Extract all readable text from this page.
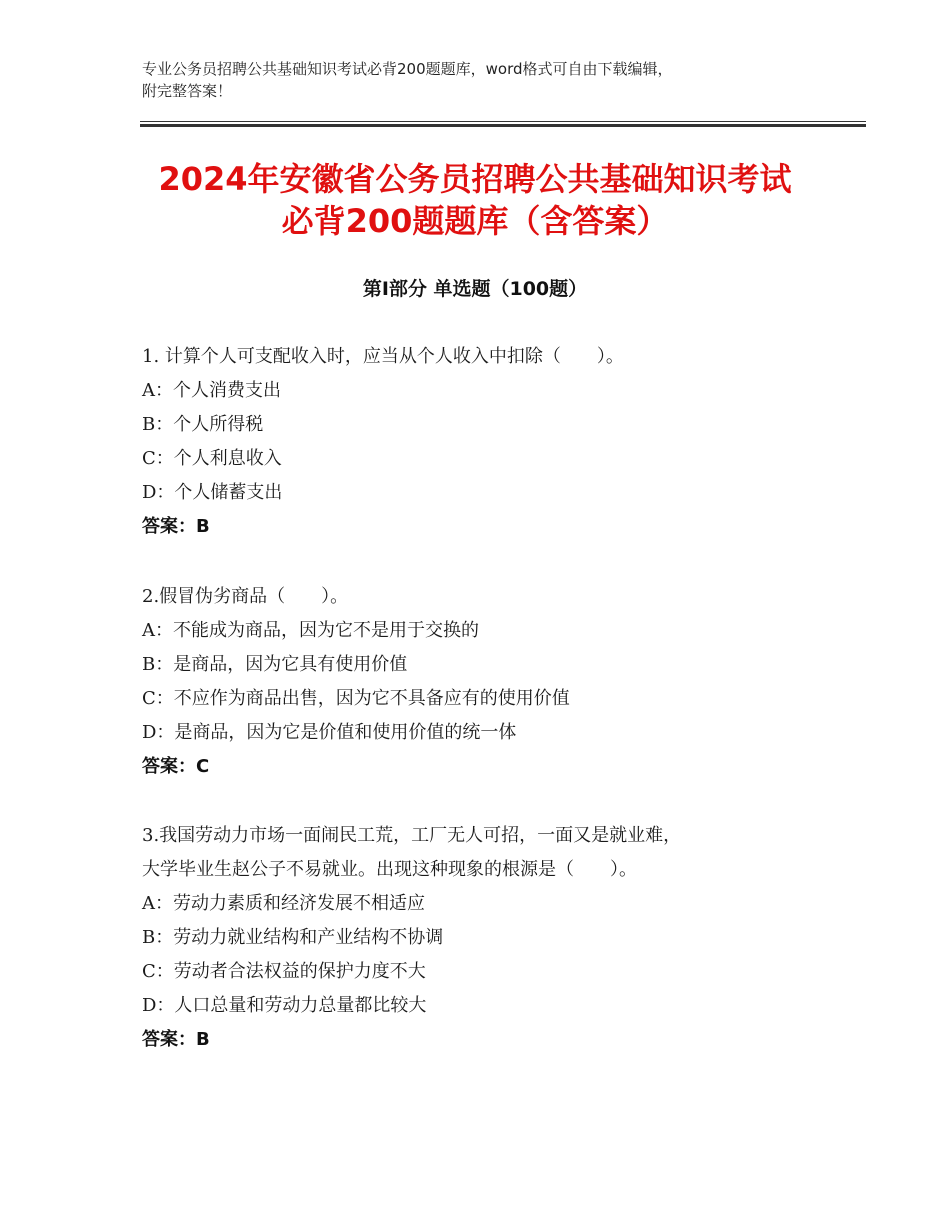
专业公务员招聘公共基础知识考试必背200题题库，word格式可自由下载编辑，
附完整答案！
2024年安徽省公务员招聘公共基础知识考试
必背200题题库（含答案）
第Ⅰ部分 单选题（100题）
1. 计算个人可支配收入时，应当从个人收入中扣除（　　）。
A：个人消费支出
B：个人所得税
C：个人利息收入
D：个人储蓄支出
答案：B
2.假冒伪劣商品（　　）。
A：不能成为商品，因为它不是用于交换的
B：是商品，因为它具有使用价值
C：不应作为商品出售，因为它不具备应有的使用价值
D：是商品，因为它是价值和使用价值的统一体
答案：C
3.我国劳动力市场一面闹民工荒，工厂无人可招，一面又是就业难，
大学毕业生赵公子不易就业。出现这种现象的根源是（　　）。
A：劳动力素质和经济发展不相适应
B：劳动力就业结构和产业结构不协调
C：劳动者合法权益的保护力度不大
D：人口总量和劳动力总量都比较大
答案：B
